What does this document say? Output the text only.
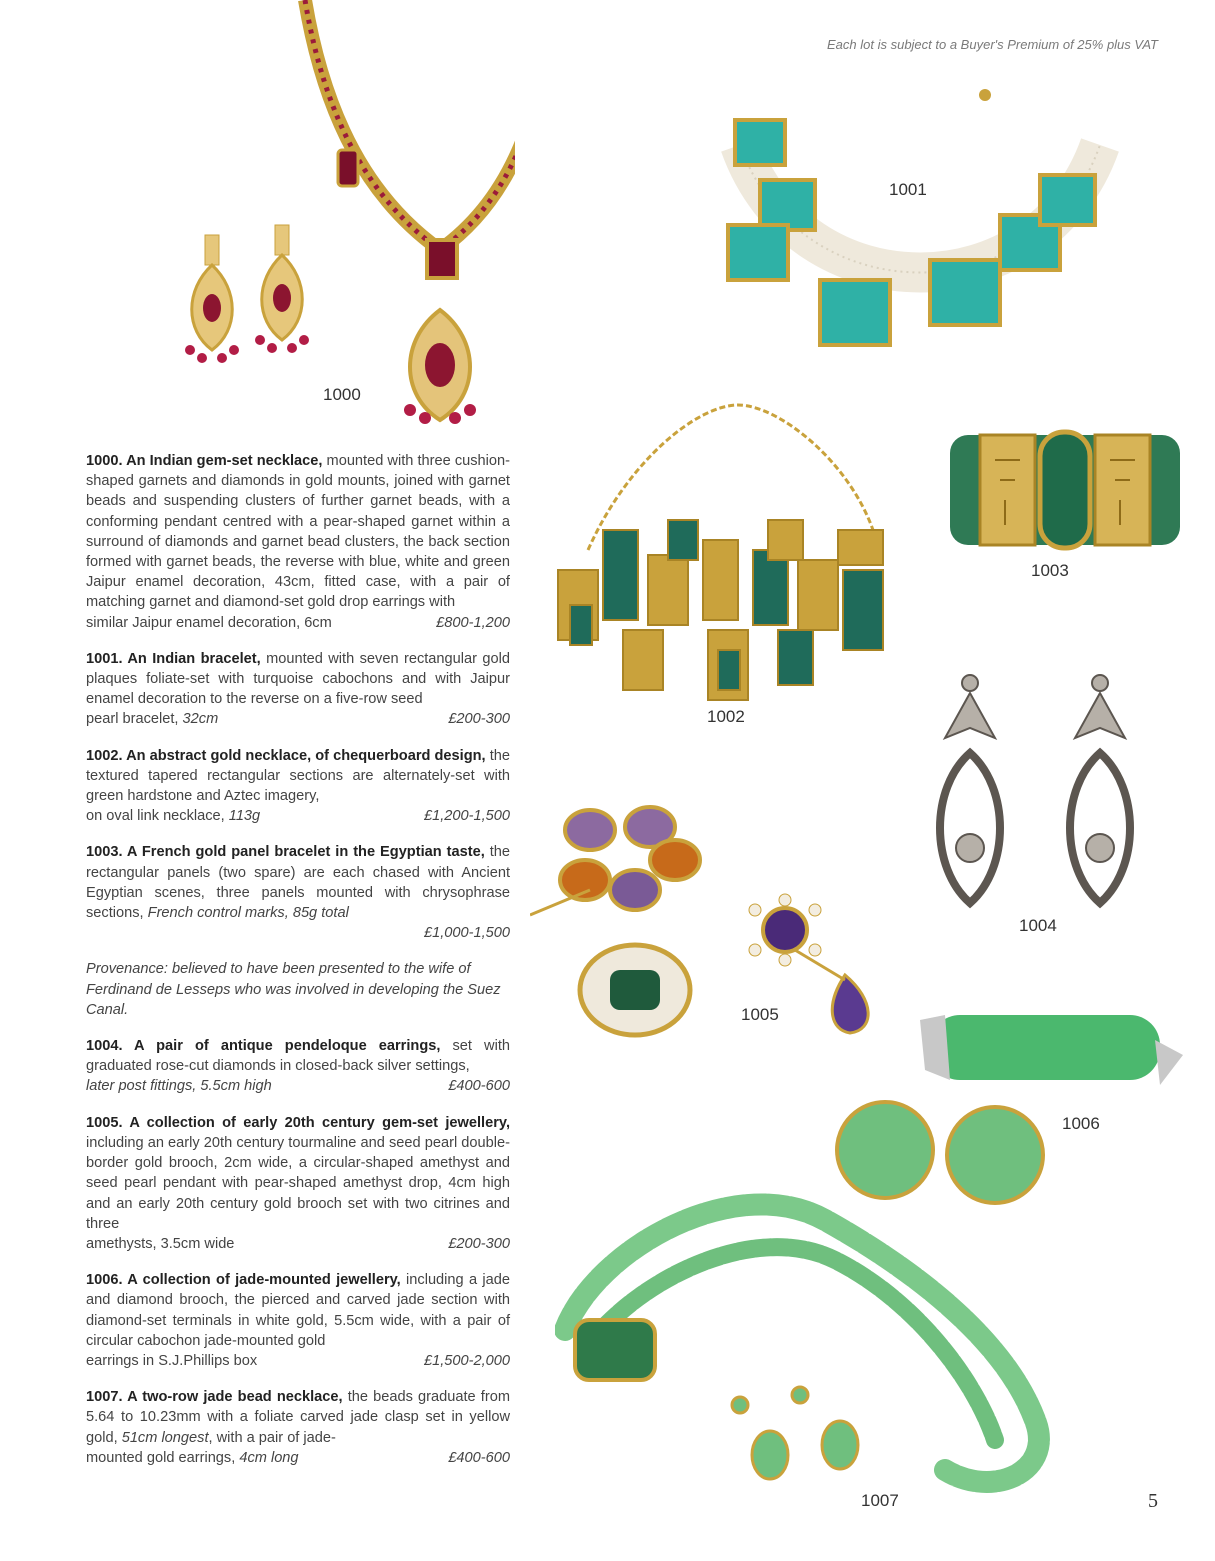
Each lot is subject to a Buyer's Premium of 25% plus VAT
1000
1001
1002
1003
1004
1005
1006
1007
1000. An Indian gem-set necklace, mounted with three cushion-shaped garnets and diamonds in gold mounts, joined with garnet beads and suspending clusters of further garnet beads, with a conforming pendant centred with a pear-shaped garnet within a surround of diamonds and garnet bead clusters, the back section formed with garnet beads, the reverse with blue, white and green Jaipur enamel decoration, 43cm, fitted case, with a pair of matching garnet and diamond-set gold drop earrings with
similar Jaipur enamel decoration, 6cm	£800-1,200
1001. An Indian bracelet, mounted with seven rectangular gold plaques foliate-set with turquoise cabochons and with Jaipur enamel decoration to the reverse on a five-row seed
pearl bracelet, 32cm	£200-300
1002. An abstract gold necklace, of chequerboard design, the textured tapered rectangular sections are alternately-set with green hardstone and Aztec imagery,
on oval link necklace, 113g	£1,200-1,500
1003. A French gold panel bracelet in the Egyptian taste, the rectangular panels (two spare) are each chased with Ancient Egyptian scenes, three panels mounted with chrysophrase sections, French control marks, 85g total
£1,000-1,500
Provenance: believed to have been presented to the wife of Ferdinand de Lesseps who was involved in developing the Suez Canal.
1004. A pair of antique pendeloque earrings, set with graduated rose-cut diamonds in closed-back silver settings,
later post fittings, 5.5cm high	£400-600
1005. A collection of early 20th century gem-set jewellery, including an early 20th century tourmaline and seed pearl double-border gold brooch, 2cm wide, a circular-shaped amethyst and seed pearl pendant with pear-shaped amethyst drop, 4cm high and an early 20th century gold brooch set with two citrines and three
amethysts, 3.5cm wide	£200-300
1006. A collection of jade-mounted jewellery, including a jade and diamond brooch, the pierced and carved jade section with diamond-set terminals in white gold, 5.5cm wide, with a pair of circular cabochon jade-mounted gold
earrings in S.J.Phillips box	£1,500-2,000
1007. A two-row jade bead necklace, the beads graduate from 5.64 to 10.23mm with a foliate carved jade clasp set in yellow gold, 51cm longest, with a pair of jade-
mounted gold earrings, 4cm long	£400-600
5
